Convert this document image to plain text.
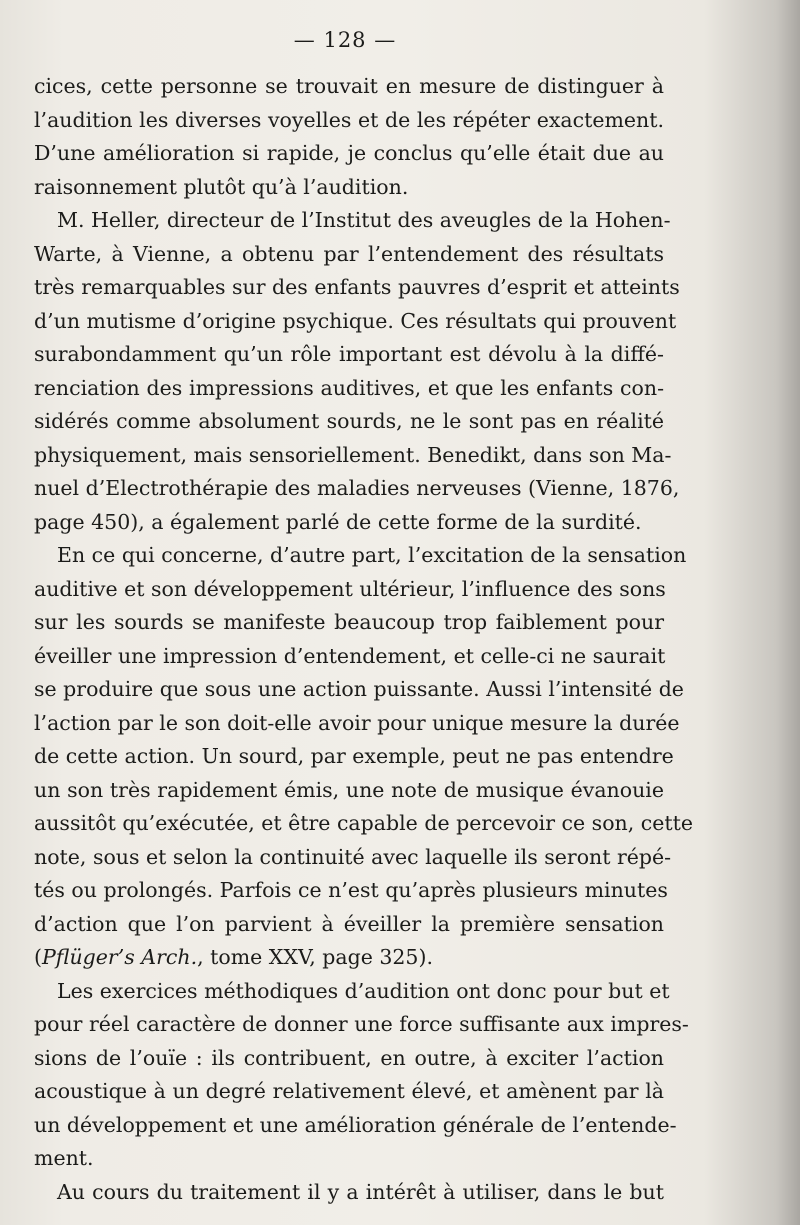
— 128 —
cices, cette personne se trouvait en mesure de distinguer à
l’audition les diverses voyelles et de les répéter exactement.
D’une amélioration si rapide, je conclus qu’elle était due au
raisonnement plutôt qu’à l’audition.
M. Heller, directeur de l’Institut des aveugles de la Hohen-
Warte, à Vienne, a obtenu par l’entendement des résultats
très remarquables sur des enfants pauvres d’esprit et atteints
d’un mutisme d’origine psychique. Ces résultats qui prouvent
surabondamment qu’un rôle important est dévolu à la diffé-
renciation des impressions auditives, et que les enfants con-
sidérés comme absolument sourds, ne le sont pas en réalité
physiquement, mais sensoriellement. Benedikt, dans son Ma-
nuel d’Electrothérapie des maladies nerveuses (Vienne, 1876,
page 450), a également parlé de cette forme de la surdité.
En ce qui concerne, d’autre part, l’excitation de la sensation
auditive et son développement ultérieur, l’influence des sons
sur les sourds se manifeste beaucoup trop faiblement pour
éveiller une impression d’entendement, et celle-ci ne saurait
se produire que sous une action puissante. Aussi l’intensité de
l’action par le son doit-elle avoir pour unique mesure la durée
de cette action. Un sourd, par exemple, peut ne pas entendre
un son très rapidement émis, une note de musique évanouie
aussitôt qu’exécutée, et être capable de percevoir ce son, cette
note, sous et selon la continuité avec laquelle ils seront répé-
tés ou prolongés. Parfois ce n’est qu’après plusieurs minutes
d’action que l’on parvient à éveiller la première sensation
(Pflüger’s Arch., tome XXV, page 325).
Les exercices méthodiques d’audition ont donc pour but et
pour réel caractère de donner une force suffisante aux impres-
sions de l’ouïe : ils contribuent, en outre, à exciter l’action
acoustique à un degré relativement élevé, et amènent par là
un développement et une amélioration générale de l’entende-
ment.
Au cours du traitement il y a intérêt à utiliser, dans le but
